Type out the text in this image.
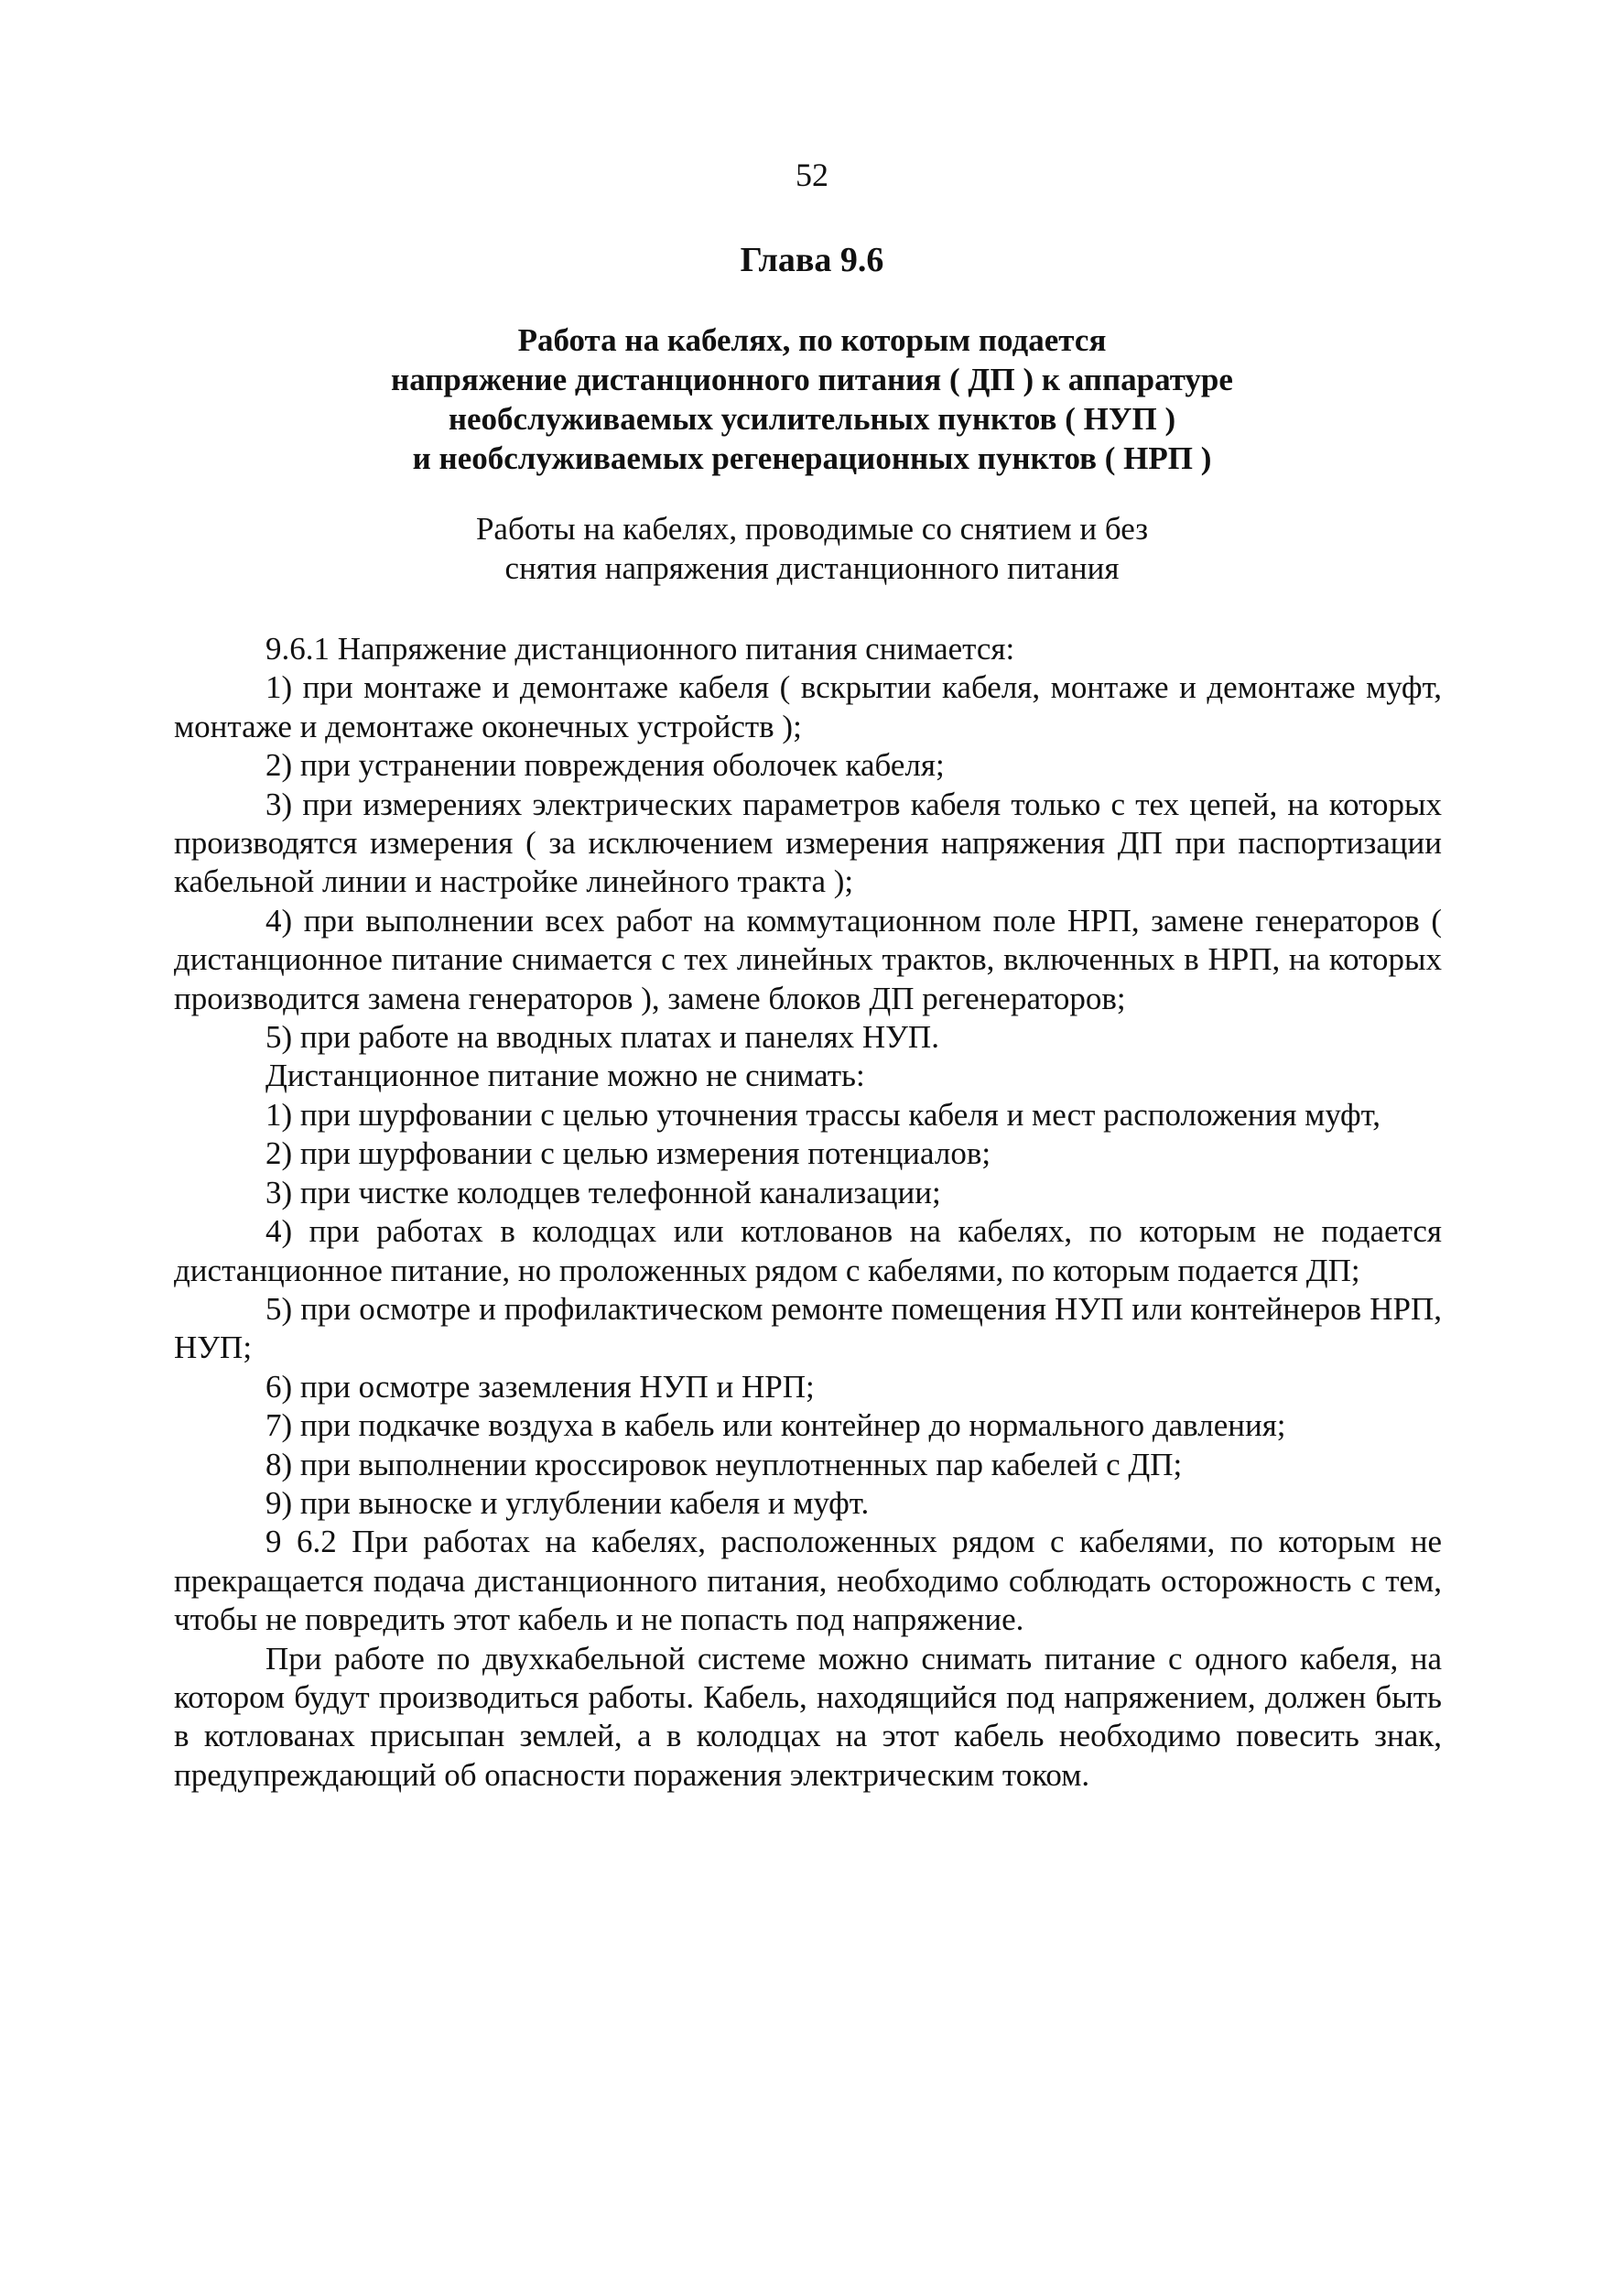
52
Глава 9.6
Работа на кабелях, по которым подается
напряжение дистанционного питания ( ДП ) к аппаратуре
необслуживаемых усилительных пунктов ( НУП )
и необслуживаемых регенерационных пунктов ( НРП )
Работы на кабелях, проводимые со снятием и без
снятия напряжения дистанционного питания

9.6.1 Напряжение дистанционного питания снимается:

1) при монтаже и демонтаже кабеля ( вскрытии кабеля, монтаже и демонтаже муфт, монтаже и демонтаже оконечных устройств );

2) при устранении повреждения оболочек кабеля;

3) при измерениях электрических параметров кабеля только с тех цепей, на которых производятся измерения ( за исключением измерения напряжения ДП при паспортизации кабельной линии и настройке линейного тракта );

4) при выполнении всех работ на коммутационном поле НРП, замене генераторов ( дистанционное питание снимается с тех линейных трактов, включенных в НРП, на которых производится замена генераторов ), замене блоков ДП регенераторов;

5) при работе на вводных платах и панелях НУП.

Дистанционное питание можно не снимать:

1) при шурфовании с целью уточнения трассы кабеля и мест расположения муфт,

2) при шурфовании с целью измерения потенциалов;

3) при чистке колодцев телефонной канализации;

4) при работах в колодцах или котлованов на кабелях, по которым не подается дистанционное питание, но проложенных рядом с кабелями, по которым подается ДП;

5) при осмотре и профилактическом ремонте помещения НУП или контейнеров НРП, НУП;

6) при осмотре заземления НУП и НРП;

7) при подкачке воздуха в кабель или контейнер до нормального давления;

8) при выполнении кроссировок неуплотненных пар кабелей с ДП;

9) при выноске и углублении кабеля и муфт.

9 6.2 При работах на кабелях, расположенных рядом с кабелями, по которым не прекращается подача дистанционного питания, необходимо соблюдать осторожность с тем, чтобы не повредить этот кабель и не попасть под напряжение.

При работе по двухкабельной системе можно снимать питание с одного кабеля, на котором будут производиться работы. Кабель, находящийся под напряжением, должен быть в котлованах присыпан землей, а в колодцах на этот кабель необходимо повесить знак, предупреждающий об опасности поражения электрическим током.
